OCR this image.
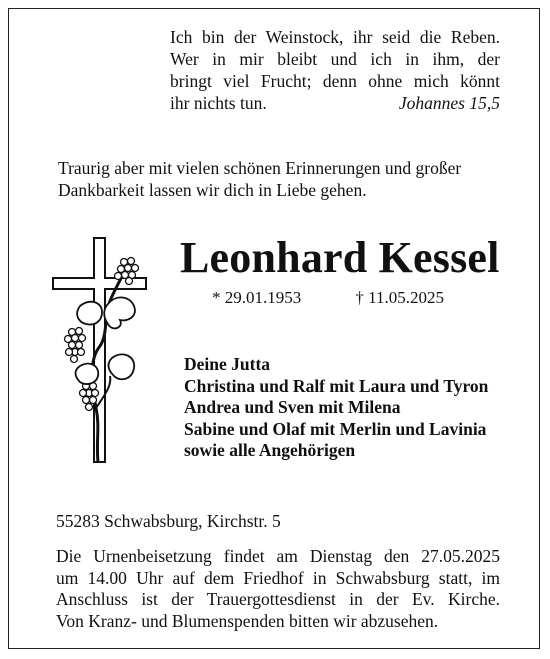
Ich bin der Weinstock, ihr seid die Reben.
Wer in mir bleibt und ich in ihm, der
bringt viel Frucht; denn ohne mich könnt
ihr nichts tun.	Johannes 15,5
Traurig aber mit vielen schönen Erinnerungen und großer
Dankbarkeit lassen wir dich in Liebe gehen.
Leonhard Kessel
* 29.01.1953	† 11.05.2025
Deine Jutta
Christina und Ralf mit Laura und Tyron
Andrea und Sven mit Milena
Sabine und Olaf mit Merlin und Lavinia
sowie alle Angehörigen
55283 Schwabsburg, Kirchstr. 5
Die Urnenbeisetzung findet am Dienstag den 27.05.2025
um 14.00 Uhr auf dem Friedhof in Schwabsburg statt, im
Anschluss ist der Trauergottesdienst in der Ev. Kirche.
Von Kranz- und Blumenspenden bitten wir abzusehen.
